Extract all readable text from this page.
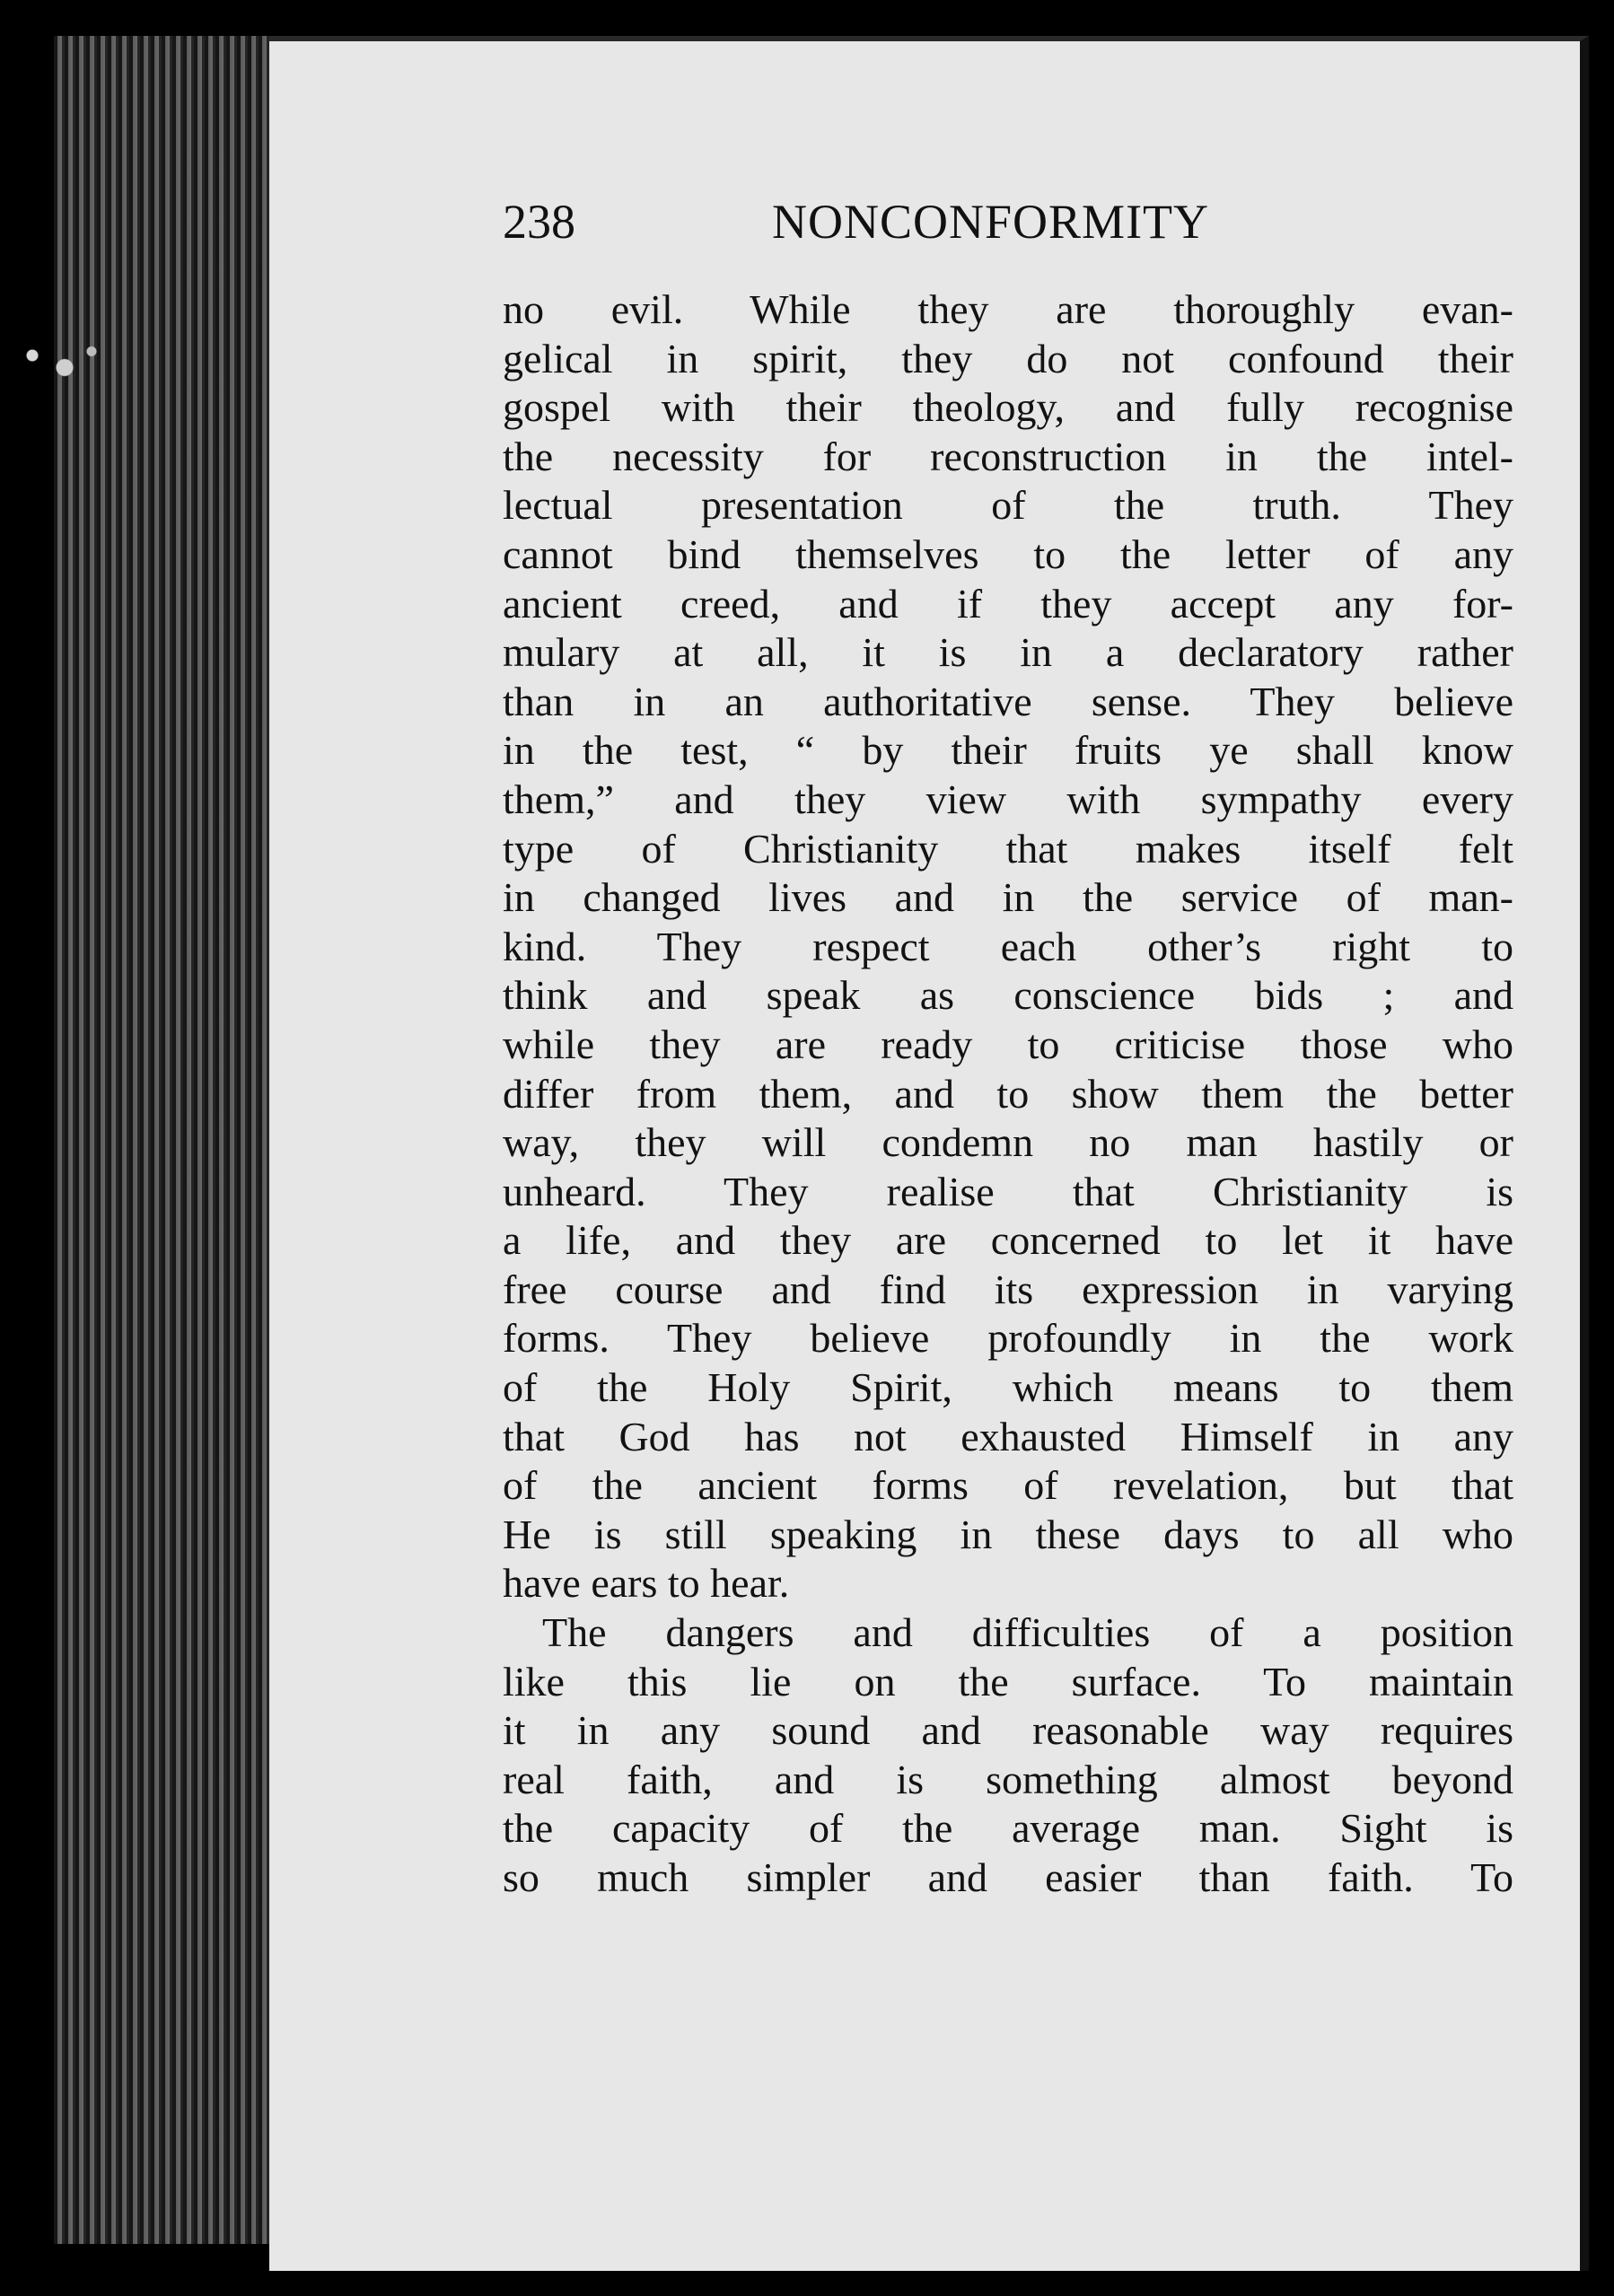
238	NONCONFORMITY
no evil. While they are thoroughly evan-
gelical in spirit, they do not confound their
gospel with their theology, and fully recognise
the necessity for reconstruction in the intel-
lectual presentation of the truth. They
cannot bind themselves to the letter of any
ancient creed, and if they accept any for-
mulary at all, it is in a declaratory rather
than in an authoritative sense. They believe
in the test, “ by their fruits ye shall know
them,” and they view with sympathy every
type of Christianity that makes itself felt
in changed lives and in the service of man-
kind. They respect each other’s right to
think and speak as conscience bids ; and
while they are ready to criticise those who
differ from them, and to show them the better
way, they will condemn no man hastily or
unheard. They realise that Christianity is
a life, and they are concerned to let it have
free course and find its expression in varying
forms. They believe profoundly in the work
of the Holy Spirit, which means to them
that God has not exhausted Himself in any
of the ancient forms of revelation, but that
He is still speaking in these days to all who
have ears to hear.
The dangers and difficulties of a position
like this lie on the surface. To maintain
it in any sound and reasonable way requires
real faith, and is something almost beyond
the capacity of the average man. Sight is
so much simpler and easier than faith. To
